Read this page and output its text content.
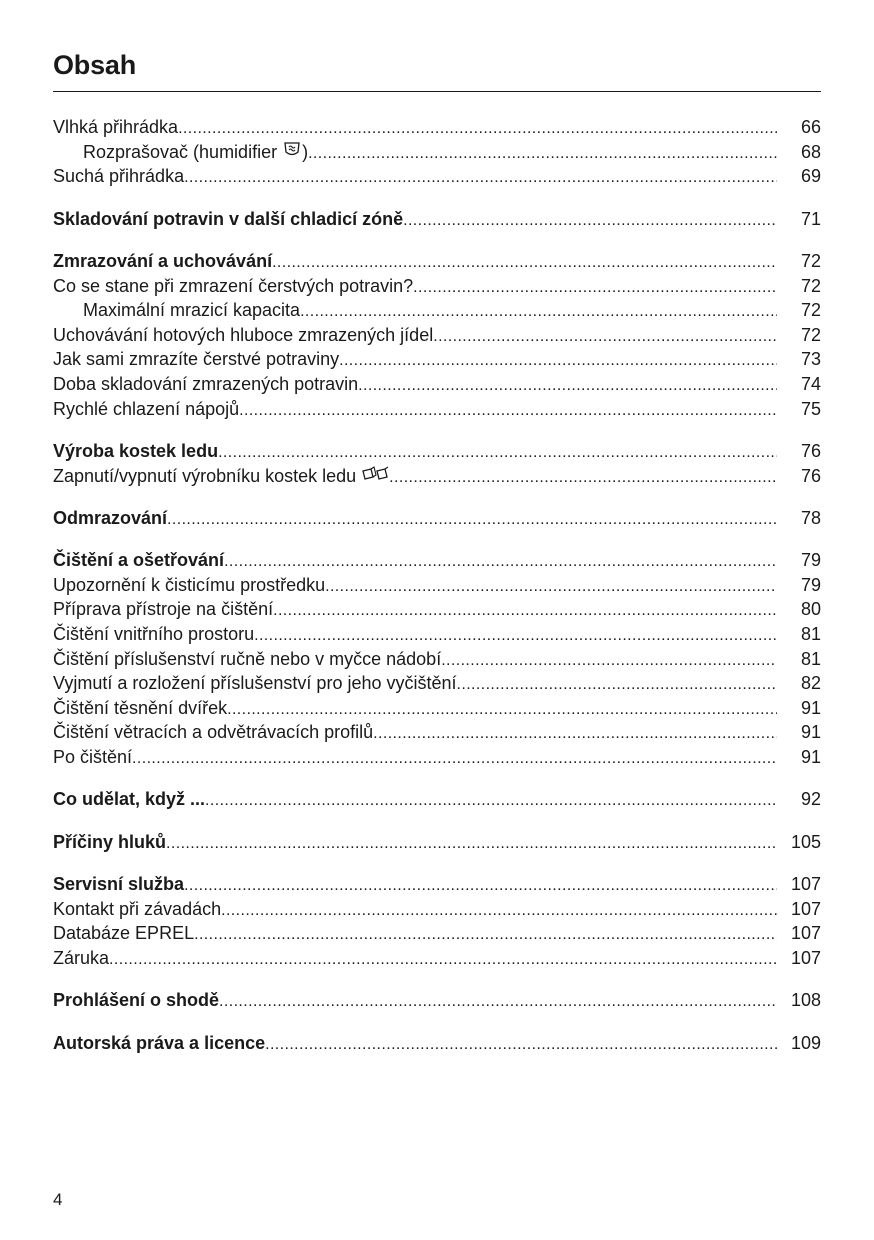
Obsah
Vlhká přihrádka .....	66
Rozprašovač (humidifier ) .....	68
Suchá přihrádka .....	69
Skladování potravin v další chladicí zóně .....	71
Zmrazování a uchovávání .....	72
Co se stane při zmrazení čerstvých potravin? .....	72
Maximální mrazicí kapacita .....	72
Uchovávání hotových hluboce zmrazených jídel .....	72
Jak sami zmrazíte čerstvé potraviny .....	73
Doba skladování zmrazených potravin .....	74
Rychlé chlazení nápojů .....	75
Výroba kostek ledu .....	76
Zapnutí/vypnutí výrobníku kostek ledu .....	76
Odmrazování .....	78
Čištění a ošetřování .....	79
Upozornění k čisticímu prostředku .....	79
Příprava přístroje na čištění .....	80
Čištění vnitřního prostoru .....	81
Čištění příslušenství ručně nebo v myčce nádobí .....	81
Vyjmutí a rozložení příslušenství pro jeho vyčištění .....	82
Čištění těsnění dvířek .....	91
Čištění větracích a odvětrávacích profilů .....	91
Po čištění .....	91
Co udělat, když ... .....	92
Příčiny hluků .....	105
Servisní služba .....	107
Kontakt při závadách .....	107
Databáze EPREL .....	107
Záruka .....	107
Prohlášení o shodě .....	108
Autorská práva a licence .....	109
4
